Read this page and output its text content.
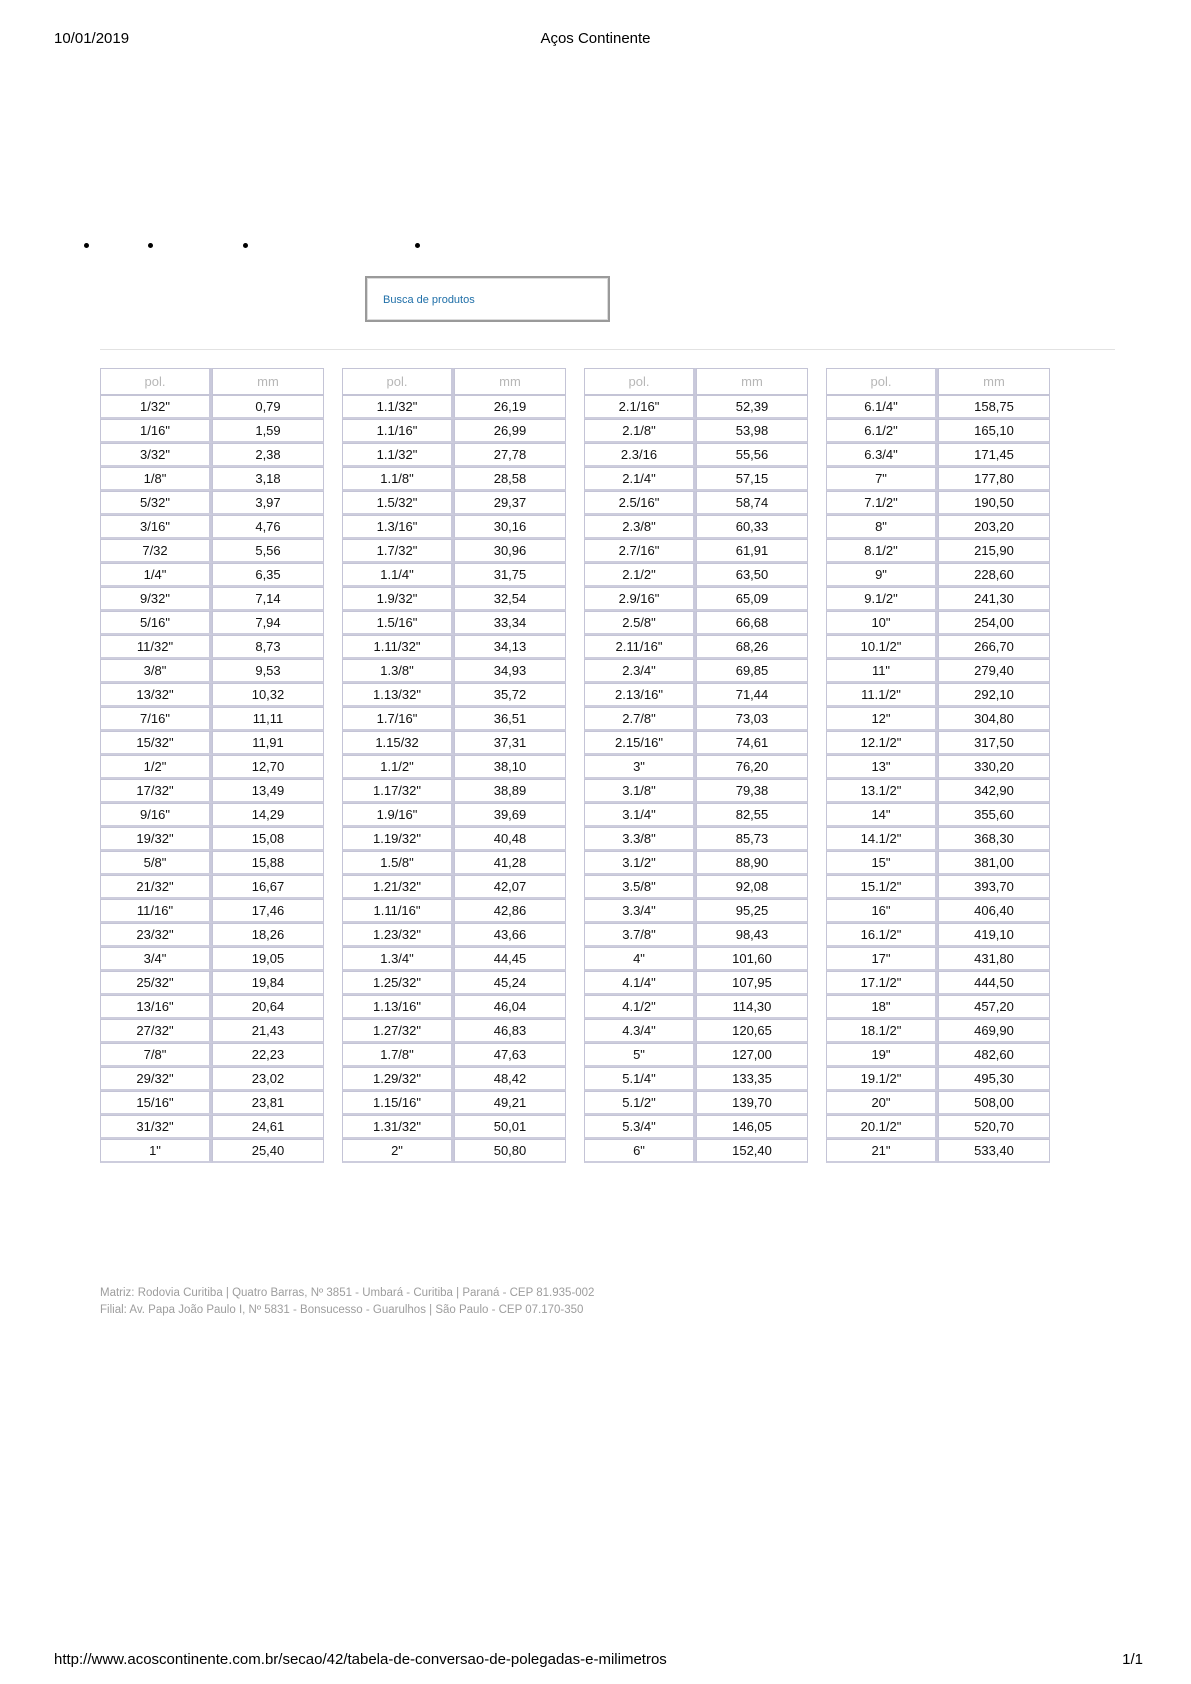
10/01/2019	Aços Continente
Busca de produtos
pol.	mm
1/32"	0,79
1/16"	1,59
3/32"	2,38
1/8"	3,18
5/32"	3,97
3/16"	4,76
7/32	5,56
1/4"	6,35
9/32"	7,14
5/16"	7,94
11/32"	8,73
3/8"	9,53
13/32"	10,32
7/16"	11,11
15/32"	11,91
1/2"	12,70
17/32"	13,49
9/16"	14,29
19/32"	15,08
5/8"	15,88
21/32"	16,67
11/16"	17,46
23/32"	18,26
3/4"	19,05
25/32"	19,84
13/16"	20,64
27/32"	21,43
7/8"	22,23
29/32"	23,02
15/16"	23,81
31/32"	24,61
1"	25,40
pol.	mm
1.1/32"	26,19
1.1/16"	26,99
1.1/32"	27,78
1.1/8"	28,58
1.5/32"	29,37
1.3/16"	30,16
1.7/32"	30,96
1.1/4"	31,75
1.9/32"	32,54
1.5/16"	33,34
1.11/32"	34,13
1.3/8"	34,93
1.13/32"	35,72
1.7/16"	36,51
1.15/32	37,31
1.1/2"	38,10
1.17/32"	38,89
1.9/16"	39,69
1.19/32"	40,48
1.5/8"	41,28
1.21/32"	42,07
1.11/16"	42,86
1.23/32"	43,66
1.3/4"	44,45
1.25/32"	45,24
1.13/16"	46,04
1.27/32"	46,83
1.7/8"	47,63
1.29/32"	48,42
1.15/16"	49,21
1.31/32"	50,01
2"	50,80
pol.	mm
2.1/16"	52,39
2.1/8"	53,98
2.3/16	55,56
2.1/4"	57,15
2.5/16"	58,74
2.3/8"	60,33
2.7/16"	61,91
2.1/2"	63,50
2.9/16"	65,09
2.5/8"	66,68
2.11/16"	68,26
2.3/4"	69,85
2.13/16"	71,44
2.7/8"	73,03
2.15/16"	74,61
3"	76,20
3.1/8"	79,38
3.1/4"	82,55
3.3/8"	85,73
3.1/2"	88,90
3.5/8"	92,08
3.3/4"	95,25
3.7/8"	98,43
4"	101,60
4.1/4"	107,95
4.1/2"	114,30
4.3/4"	120,65
5"	127,00
5.1/4"	133,35
5.1/2"	139,70
5.3/4"	146,05
6"	152,40
pol.	mm
6.1/4"	158,75
6.1/2"	165,10
6.3/4"	171,45
7"	177,80
7.1/2"	190,50
8"	203,20
8.1/2"	215,90
9"	228,60
9.1/2"	241,30
10"	254,00
10.1/2"	266,70
11"	279,40
11.1/2"	292,10
12"	304,80
12.1/2"	317,50
13"	330,20
13.1/2"	342,90
14"	355,60
14.1/2"	368,30
15"	381,00
15.1/2"	393,70
16"	406,40
16.1/2"	419,10
17"	431,80
17.1/2"	444,50
18"	457,20
18.1/2"	469,90
19"	482,60
19.1/2"	495,30
20"	508,00
20.1/2"	520,70
21"	533,40
Matriz: Rodovia Curitiba | Quatro Barras, Nº 3851 - Umbará - Curitiba | Paraná - CEP 81.935-002
Filial: Av. Papa João Paulo I, Nº 5831 - Bonsucesso - Guarulhos | São Paulo - CEP 07.170-350
http://www.acoscontinente.com.br/secao/42/tabela-de-conversao-de-polegadas-e-milimetros	1/1
